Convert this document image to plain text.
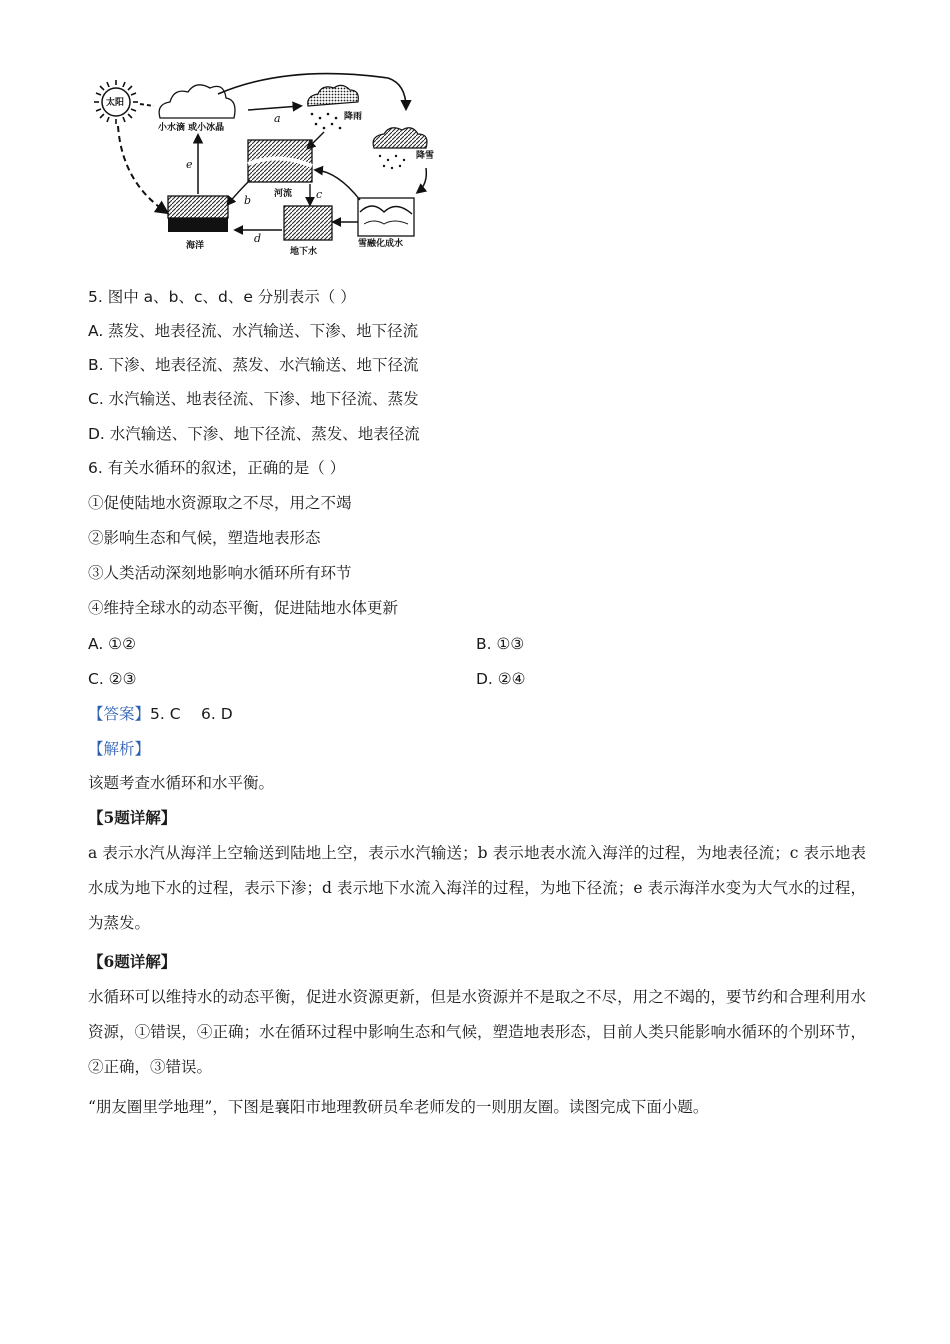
太阳
小水滴 或小冰晶
a	降雨
降雪
河流
雪融化成水
c
地下水
b
d
海洋
e
5. 图中 a、b、c、d、e 分别表示（ ）
A. 蒸发、地表径流、水汽输送、下渗、地下径流
B. 下渗、地表径流、蒸发、水汽输送、地下径流
C. 水汽输送、地表径流、下渗、地下径流、蒸发
D. 水汽输送、下渗、地下径流、蒸发、地表径流
6. 有关水循环的叙述，正确的是（ ）
①促使陆地水资源取之不尽，用之不竭
②影响生态和气候，塑造地表形态
③人类活动深刻地影响水循环所有环节
④维持全球水的动态平衡，促进陆地水体更新
A. ①②	B. ①③
C. ②③	D. ②④
【答案】5. C　 6. D
【解析】
该题考查水循环和水平衡。
【5题详解】
a 表示水汽从海洋上空输送到陆地上空，表示水汽输送；b 表示地表水流入海洋的过程，为地表径流；c 表示地表水成为地下水的过程，表示下渗；d 表示地下水流入海洋的过程，为地下径流；e 表示海洋水变为大气水的过程，为蒸发。
【6题详解】
水循环可以维持水的动态平衡，促进水资源更新，但是水资源并不是取之不尽，用之不竭的，要节约和合理利用水资源，①错误，④正确；水在循环过程中影响生态和气候，塑造地表形态，目前人类只能影响水循环的个别环节，②正确，③错误。
“朋友圈里学地理”，下图是襄阳市地理教研员牟老师发的一则朋友圈。读图完成下面小题。
